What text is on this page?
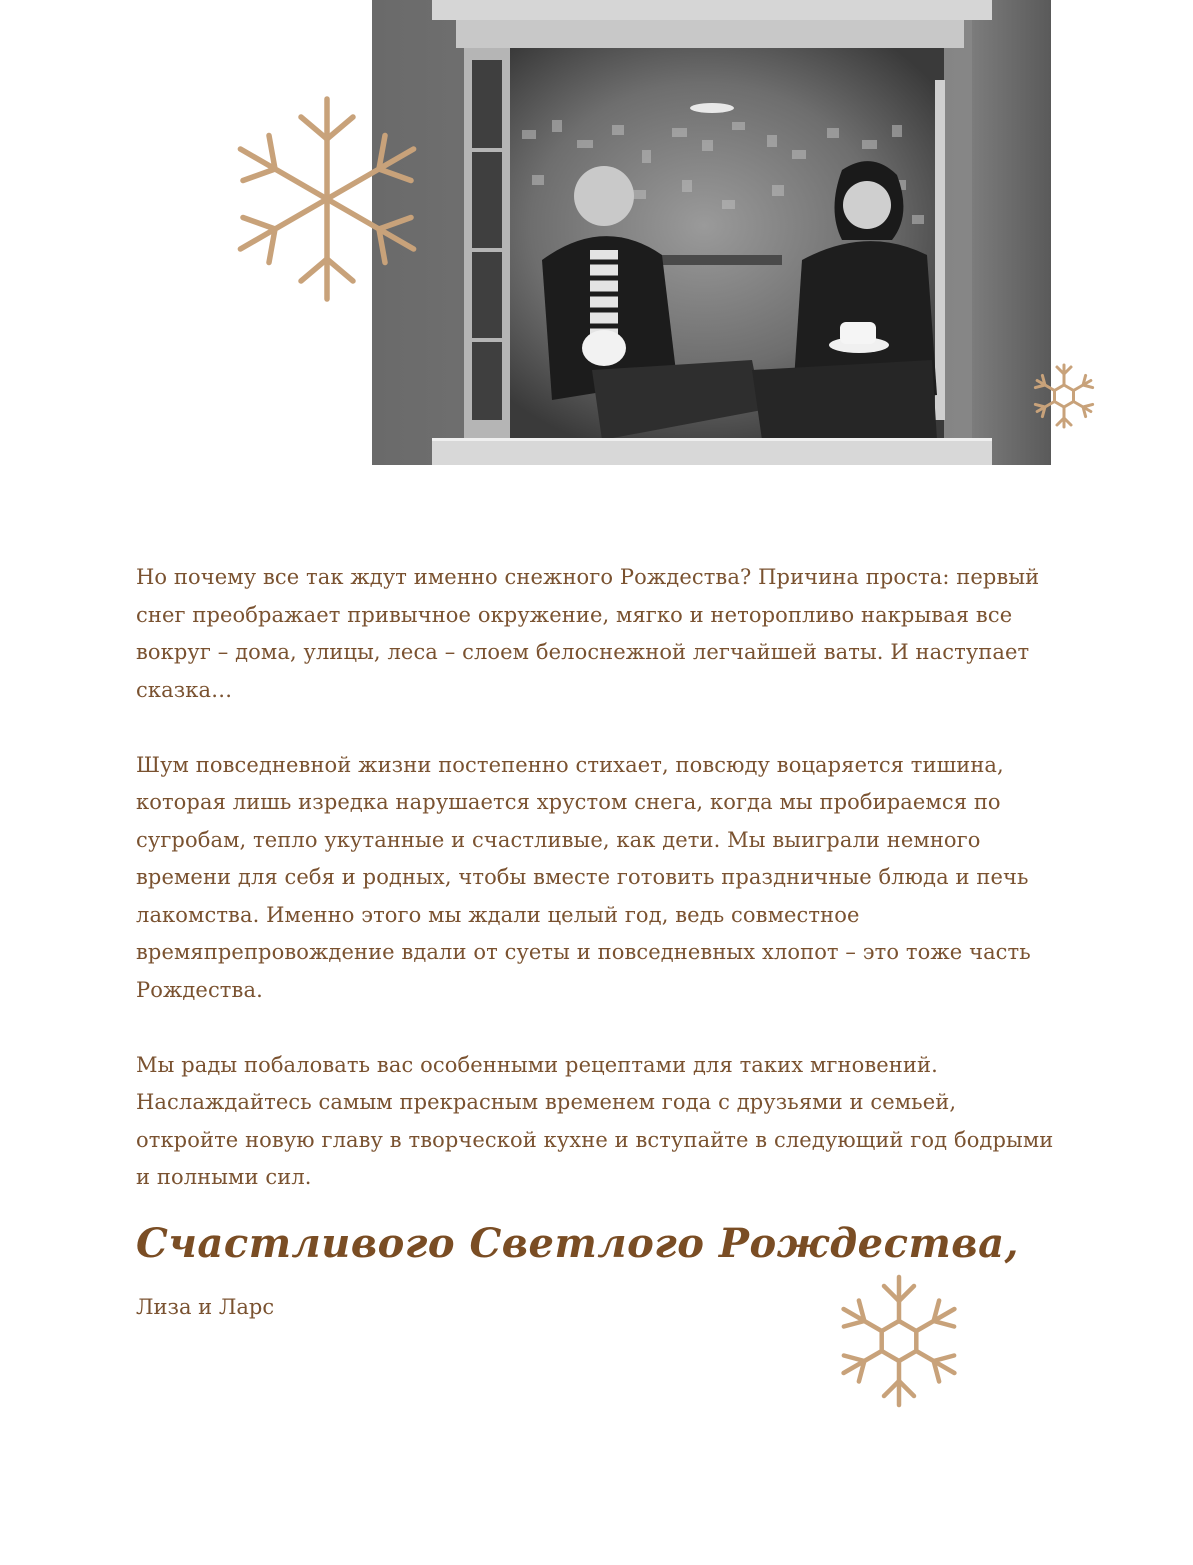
Но почему все так ждут именно снежного Рождества? Причина проста: первый снег преображает привычное окружение, мягко и неторопливо накрывая все вокруг – дома, улицы, леса – слоем белоснежной легчайшей ваты. И наступает сказка…

Шум повседневной жизни постепенно стихает, повсюду воцаряется тишина, которая лишь изредка нарушается хрустом снега, когда мы пробираемся по сугробам, тепло укутанные и счастливые, как дети. Мы выиграли немного времени для себя и родных, чтобы вместе готовить праздничные блюда и печь лакомства. Именно этого мы ждали целый год, ведь совместное времяпрепровождение вдали от суеты и повседневных хлопот – это тоже часть Рождества.

Мы рады побаловать вас особенными рецептами для таких мгновений. Наслаждайтесь самым прекрасным временем года с друзьями и семьей, откройте новую главу в творческой кухне и вступайте в следующий год бодрыми и полными сил.

Счастливого Светлого Рождества,
Лиза и Ларс
